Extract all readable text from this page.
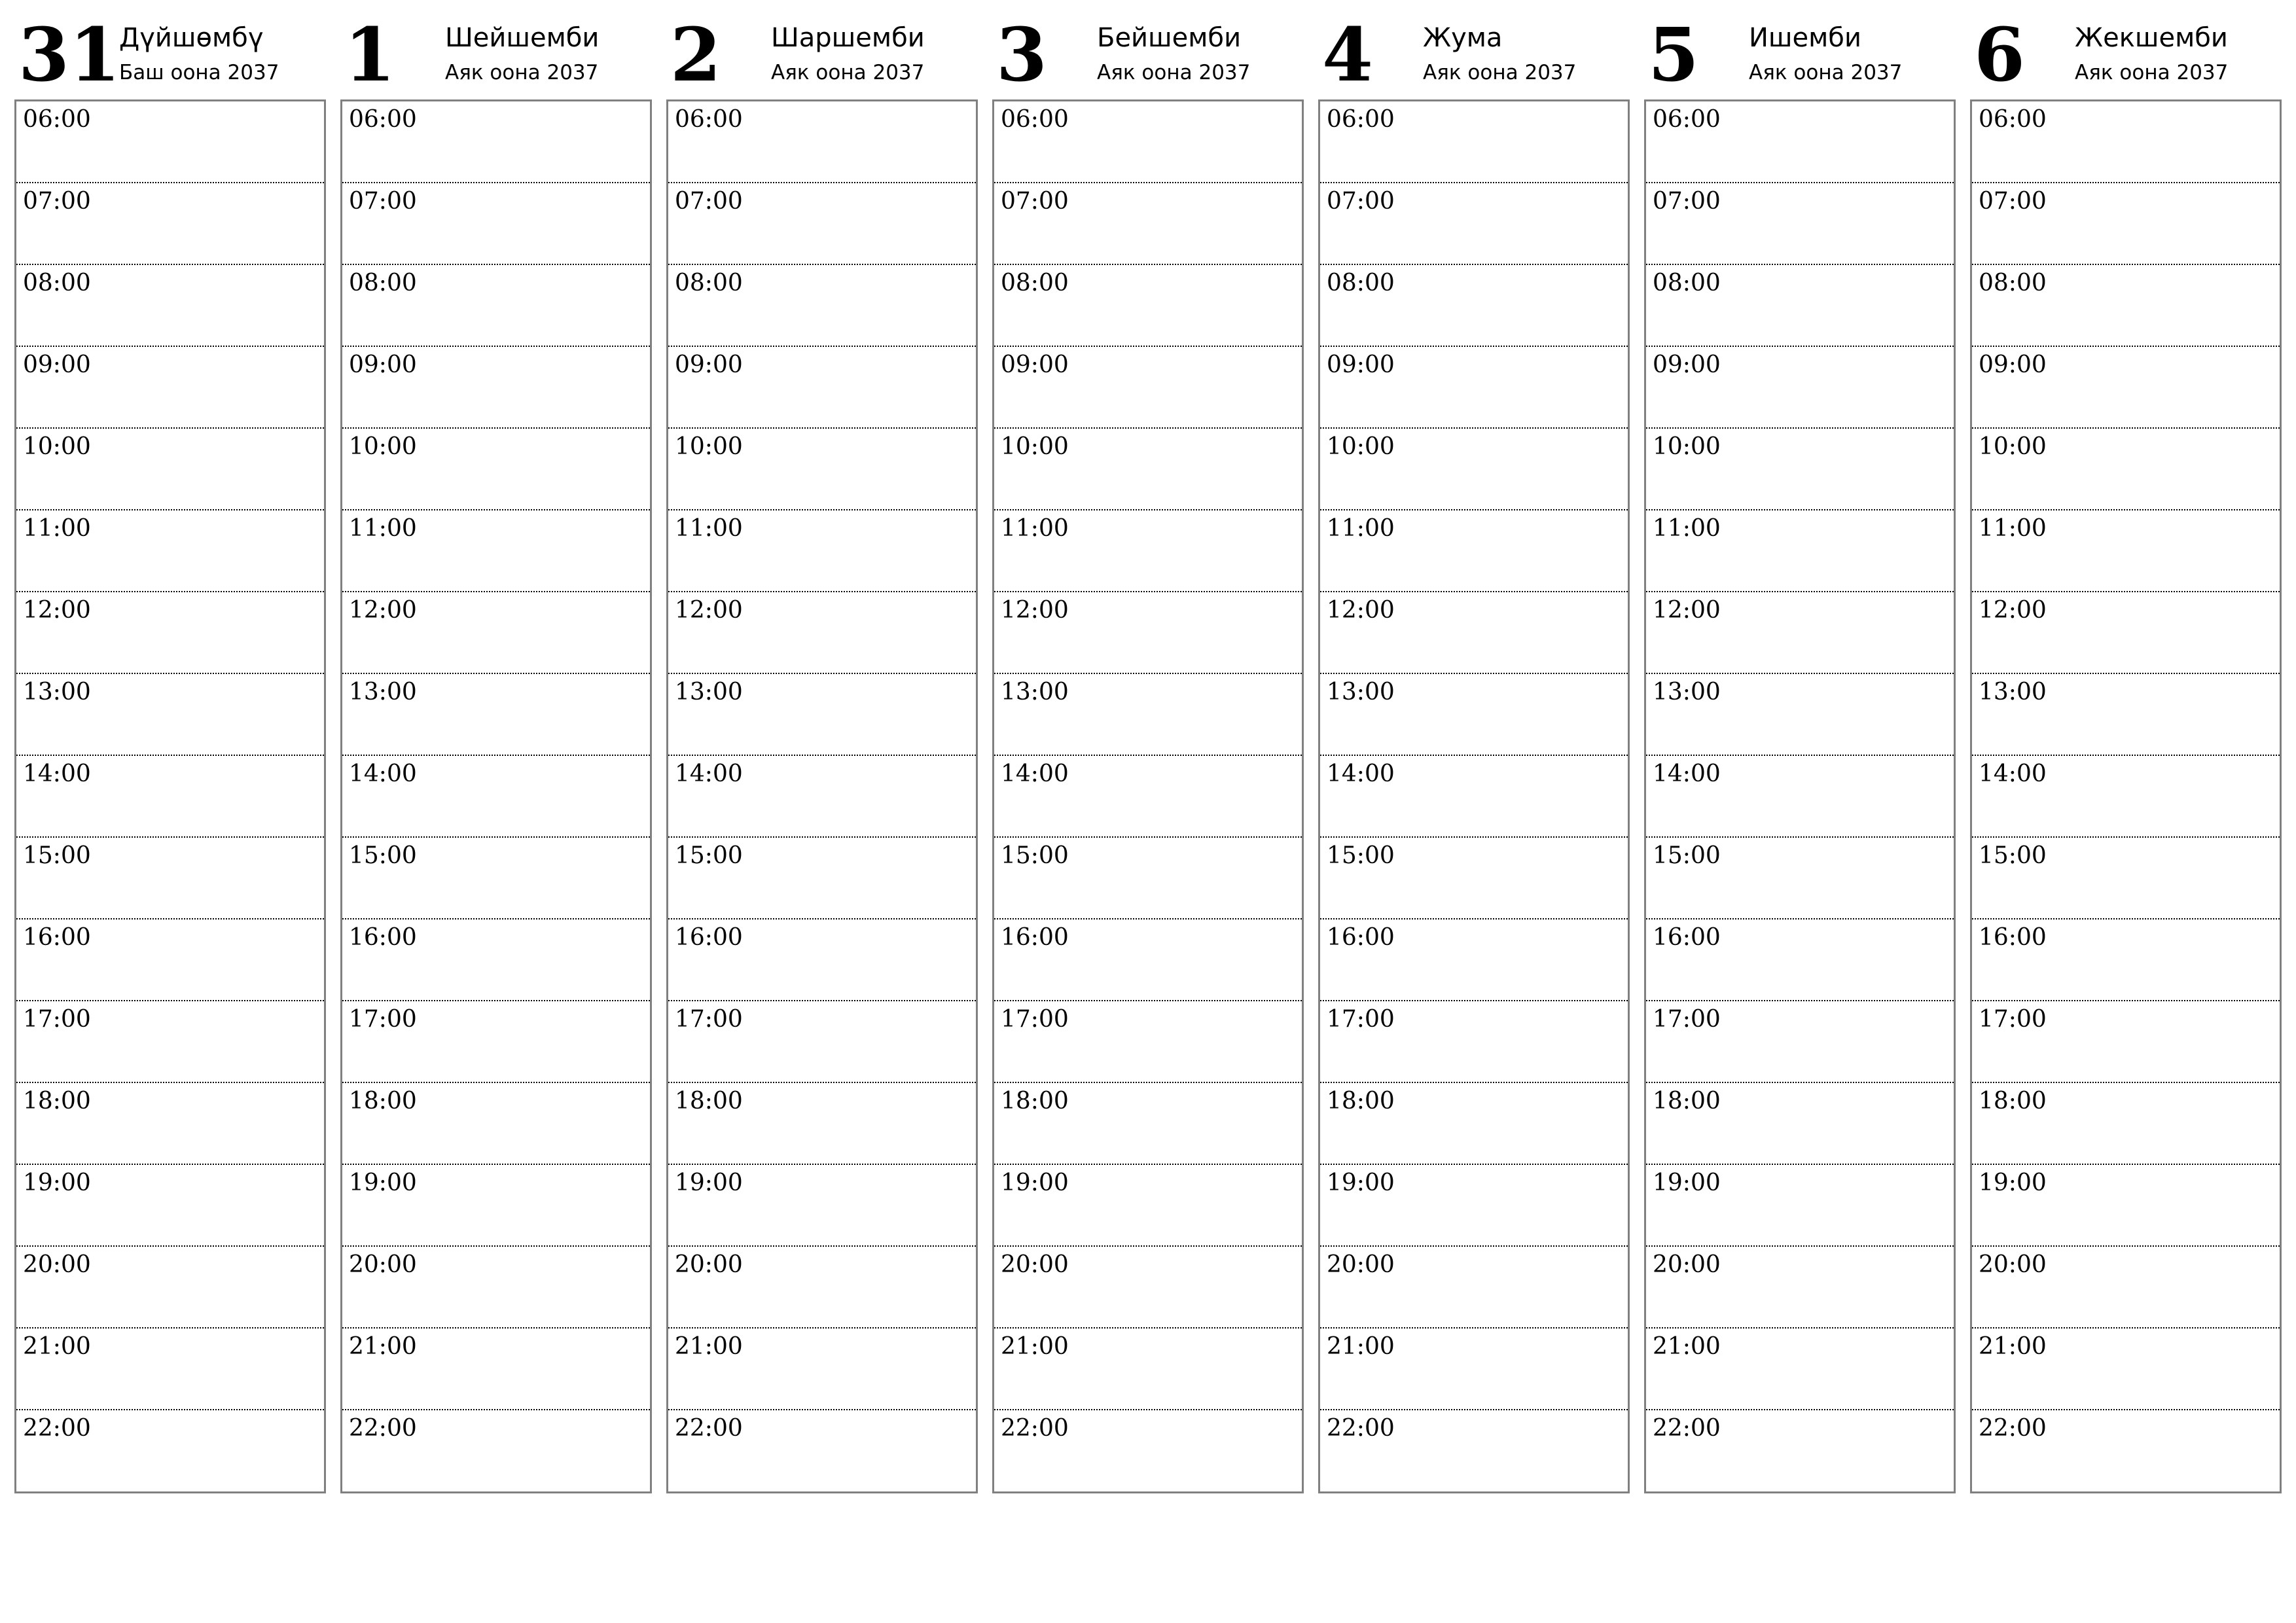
31
Дүйшөмбү
Баш оона 2037
06:00
07:00
08:00
09:00
10:00
11:00
12:00
13:00
14:00
15:00
16:00
17:00
18:00
19:00
20:00
21:00
22:00
1 Шейшемби
Аяк оона 2037
06:00
07:00
08:00
09:00
10:00
11:00
12:00
13:00
14:00
15:00
16:00
17:00
18:00
19:00
20:00
21:00
22:00
2 Шаршемби
Аяк оона 2037
06:00
07:00
08:00
09:00
10:00
11:00
12:00
13:00
14:00
15:00
16:00
17:00
18:00
19:00
20:00
21:00
22:00
3 Бейшемби
Аяк оона 2037
06:00
07:00
08:00
09:00
10:00
11:00
12:00
13:00
14:00
15:00
16:00
17:00
18:00
19:00
20:00
21:00
22:00
4 Жума
Аяк оона 2037
06:00
07:00
08:00
09:00
10:00
11:00
12:00
13:00
14:00
15:00
16:00
17:00
18:00
19:00
20:00
21:00
22:00
5 Ишемби
Аяк оона 2037
06:00
07:00
08:00
09:00
10:00
11:00
12:00
13:00
14:00
15:00
16:00
17:00
18:00
19:00
20:00
21:00
22:00
6 Жекшемби
Аяк оона 2037
06:00
07:00
08:00
09:00
10:00
11:00
12:00
13:00
14:00
15:00
16:00
17:00
18:00
19:00
20:00
21:00
22:00
